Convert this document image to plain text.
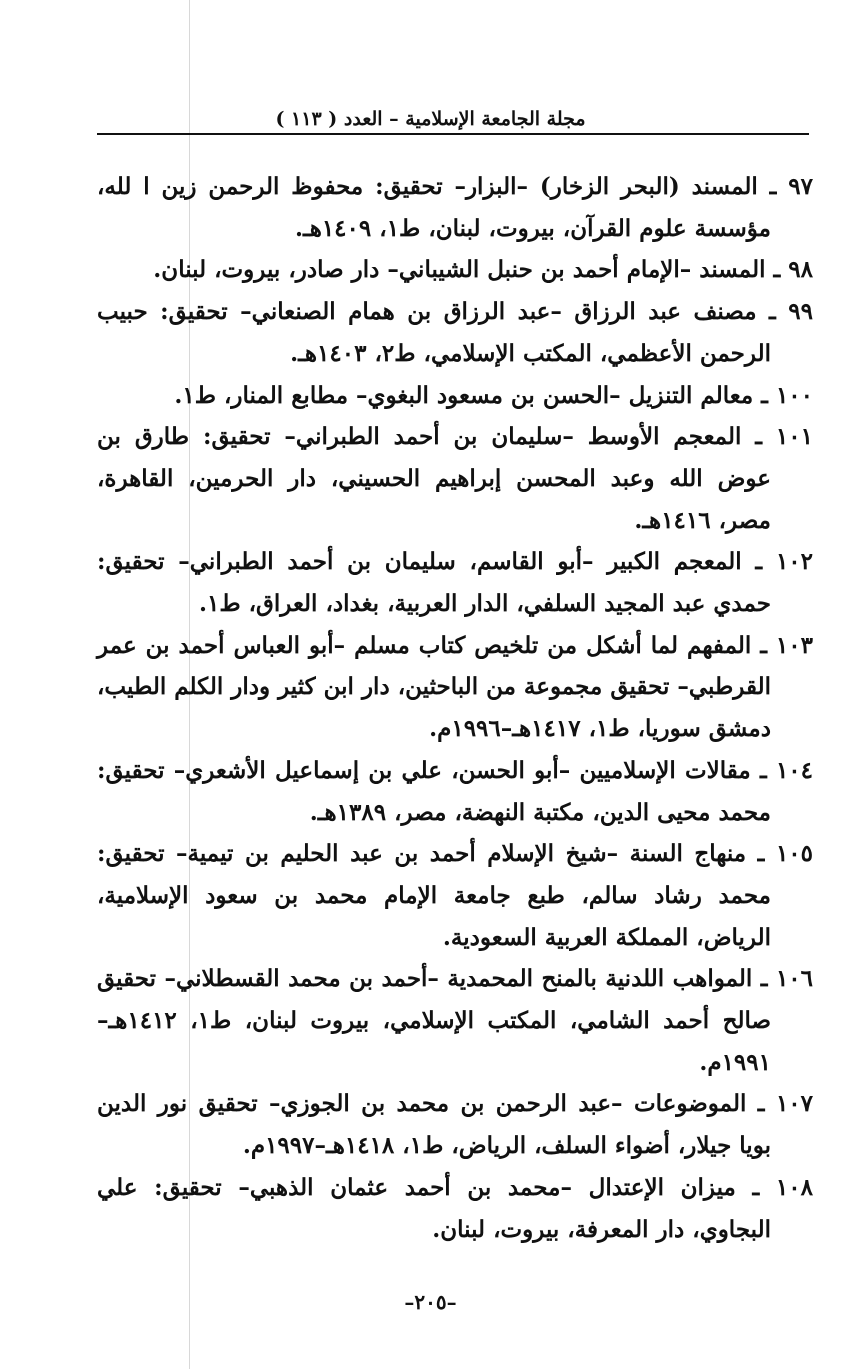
مجلة الجامعة الإسلامية – العدد ( ١١٣ )
٩٧ ـ المسند (البحر الزخار) –البزار– تحقيق: محفوظ الرحمن زين ا لله، مؤسسة علوم القرآن، بيروت، لبنان، ط١، ١٤٠٩هـ.
٩٨ ـ المسند –الإمام أحمد بن حنبل الشيباني– دار صادر، بيروت، لبنان.
٩٩ ـ مصنف عبد الرزاق –عبد الرزاق بن همام الصنعاني– تحقيق: حبيب الرحمن الأعظمي، المكتب الإسلامي، ط٢، ١٤٠٣هـ.
١٠٠ ـ معالم التنزيل –الحسن بن مسعود البغوي– مطابع المنار، ط١.
١٠١ ـ المعجم الأوسط –سليمان بن أحمد الطبراني– تحقيق: طارق بن عوض الله وعبد المحسن إبراهيم الحسيني، دار الحرمين، القاهرة، مصر، ١٤١٦هـ.
١٠٢ ـ المعجم الكبير –أبو القاسم، سليمان بن أحمد الطبراني– تحقيق: حمدي عبد المجيد السلفي، الدار العربية، بغداد، العراق، ط١.
١٠٣ ـ المفهم لما أشكل من تلخيص كتاب مسلم –أبو العباس أحمد بن عمر القرطبي– تحقيق مجموعة من الباحثين، دار ابن كثير ودار الكلم الطيب، دمشق سوريا، ط١، ١٤١٧هـ–١٩٩٦م.
١٠٤ ـ مقالات الإسلاميين –أبو الحسن، علي بن إسماعيل الأشعري– تحقيق: محمد محيى الدين، مكتبة النهضة، مصر، ١٣٨٩هـ.
١٠٥ ـ منهاج السنة –شيخ الإسلام أحمد بن عبد الحليم بن تيمية– تحقيق: محمد رشاد سالم، طبع جامعة الإمام محمد بن سعود الإسلامية، الرياض، المملكة العربية السعودية.
١٠٦ ـ المواهب اللدنية بالمنح المحمدية –أحمد بن محمد القسطلاني– تحقيق صالح أحمد الشامي، المكتب الإسلامي، بيروت لبنان، ط١، ١٤١٢هـ–١٩٩١م.
١٠٧ ـ الموضوعات –عبد الرحمن بن محمد بن الجوزي– تحقيق نور الدين بويا جيلار، أضواء السلف، الرياض، ط١، ١٤١٨هـ–١٩٩٧م.
١٠٨ ـ ميزان الإعتدال –محمد بن أحمد عثمان الذهبي– تحقيق: علي البجاوي، دار المعرفة، بيروت، لبنان.
–٢٠٥–
